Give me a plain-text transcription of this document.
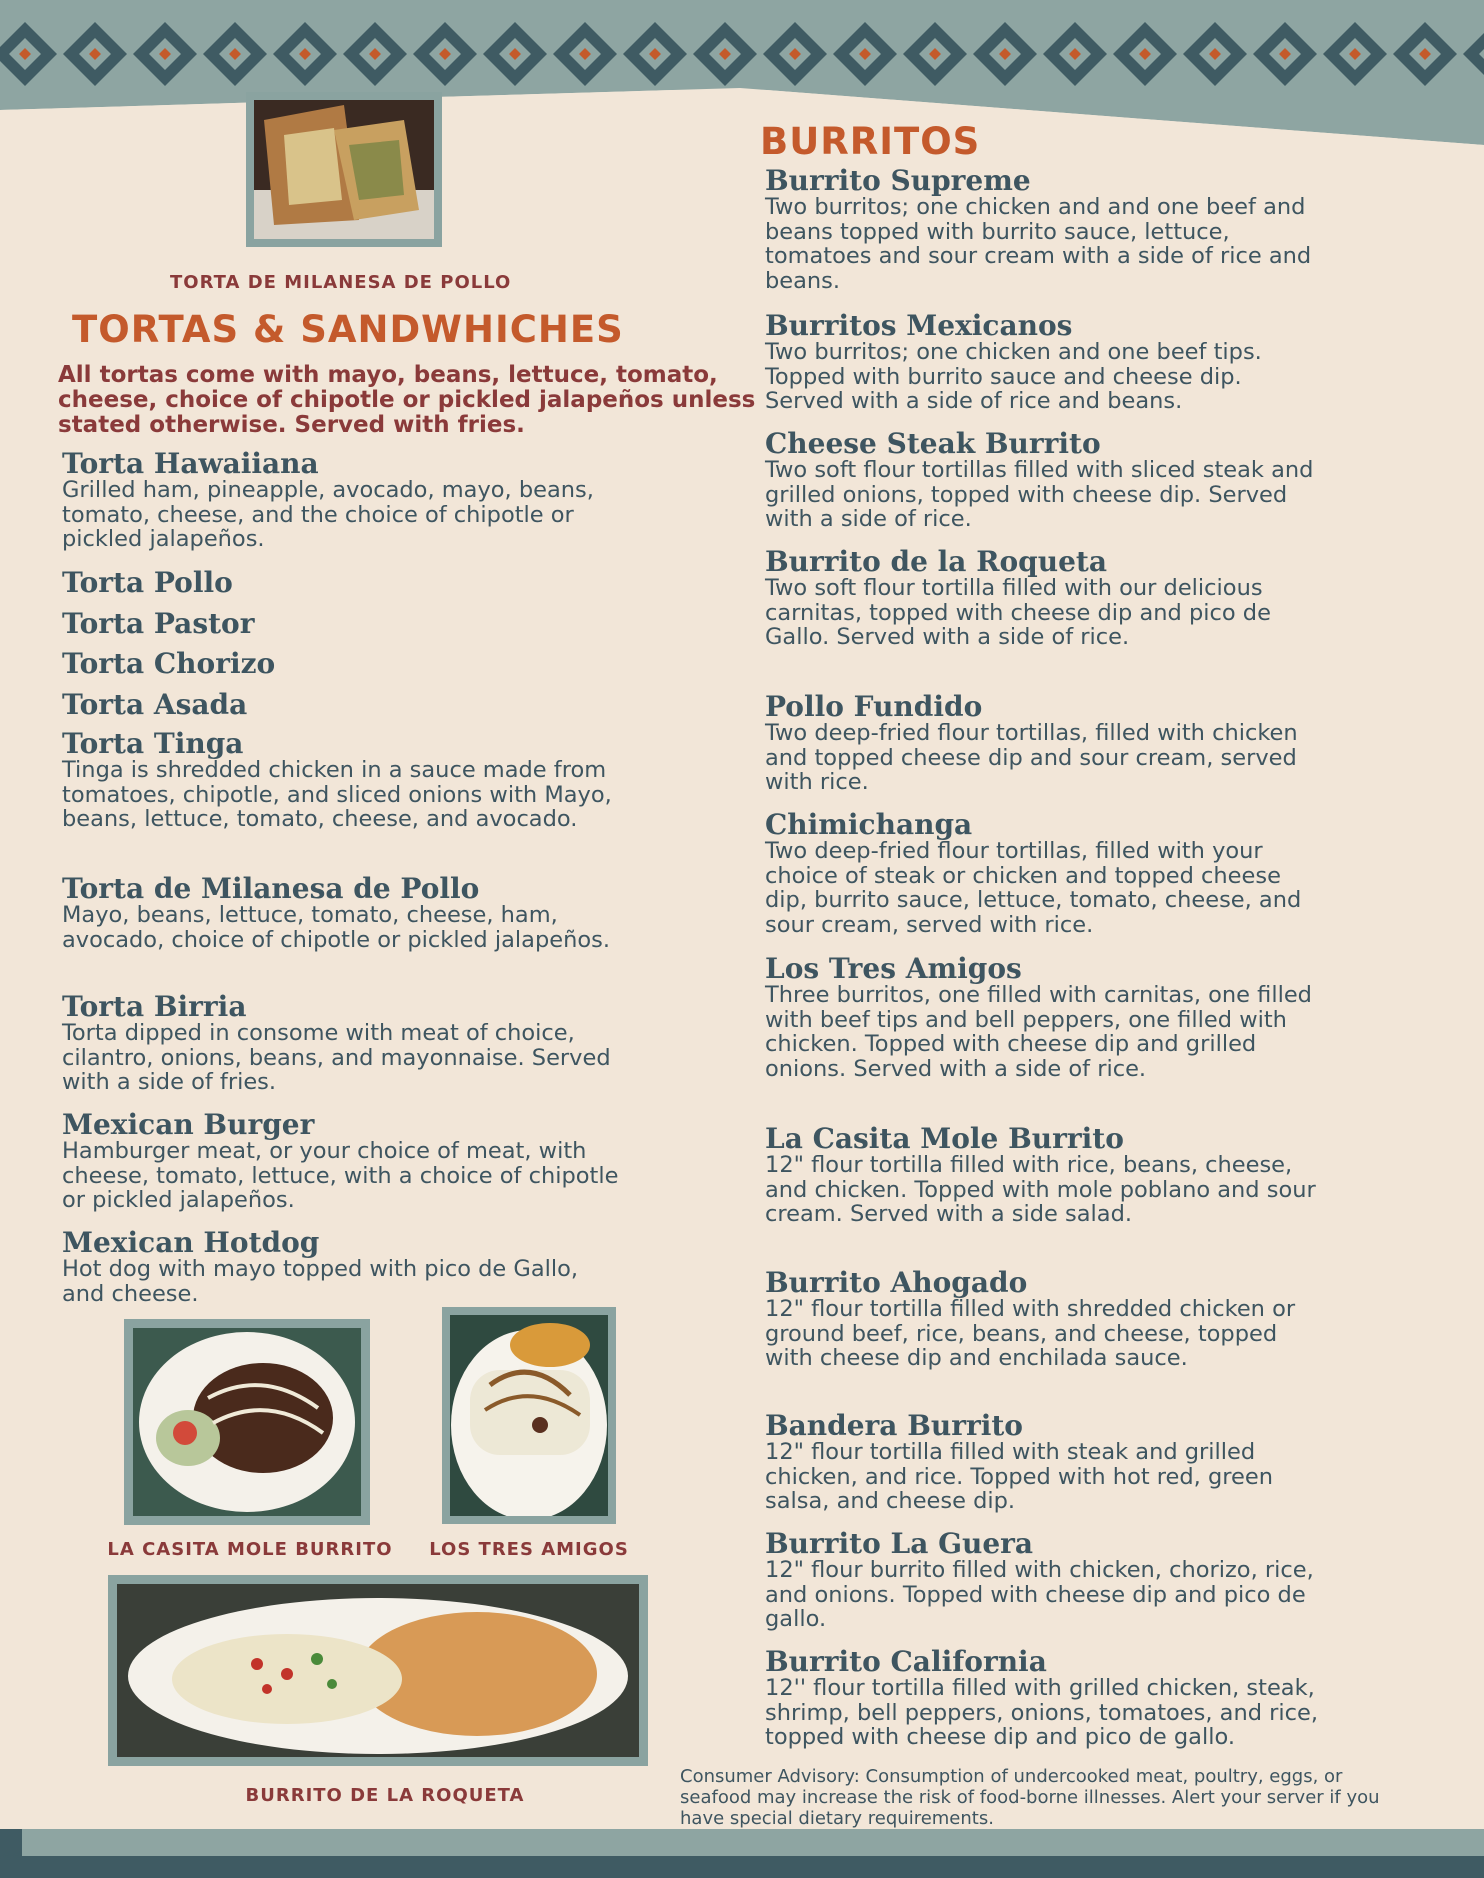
TORTA DE MILANESA DE POLLO
LA CASITA MOLE BURRITO	LOS TRES AMIGOS
BURRITO DE LA ROQUETA
TORTAS & SANDWHICHES
All tortas come with mayo, beans, lettuce, tomato, cheese, choice of chipotle or pickled jalapeños unless stated otherwise. Served with fries.
BURRITOS
Torta Hawaiiana
Grilled ham, pineapple, avocado, mayo, beans, tomato, cheese, and the choice of chipotle or pickled jalapeños.
Torta Pollo
Torta Pastor
Torta Chorizo
Torta Asada
Torta Tinga
Tinga is shredded chicken in a sauce made from tomatoes, chipotle, and sliced onions with Mayo, beans, lettuce, tomato, cheese, and avocado.
Torta de Milanesa de Pollo
Mayo, beans, lettuce, tomato, cheese, ham, avocado, choice of chipotle or pickled jalapeños.
Torta Birria
Torta dipped in consome with meat of choice, cilantro, onions, beans, and mayonnaise. Served with a side of fries.
Mexican Burger
Hamburger meat, or your choice of meat, with cheese, tomato, lettuce, with a choice of chipotle or pickled jalapeños.
Mexican Hotdog
Hot dog with mayo topped with pico de Gallo, and cheese.
Burrito Supreme
Two burritos; one chicken and and one beef and beans topped with burrito sauce, lettuce, tomatoes and sour cream with a side of rice and beans.
Burritos Mexicanos
Two burritos; one chicken and one beef tips. Topped with burrito sauce and cheese dip. Served with a side of rice and beans.
Cheese Steak Burrito
Two soft flour tortillas filled with sliced steak and grilled onions, topped with cheese dip. Served with a side of rice.
Burrito de la Roqueta
Two soft flour tortilla filled with our delicious carnitas, topped with cheese dip and pico de Gallo. Served with a side of rice.
Pollo Fundido
Two deep-fried flour tortillas, filled with chicken and topped cheese dip and sour cream, served with rice.
Chimichanga
Two deep-fried flour tortillas, filled with your choice of steak or chicken and topped cheese dip, burrito sauce, lettuce, tomato, cheese, and sour cream, served with rice.
Los Tres Amigos
Three burritos, one filled with carnitas, one filled with beef tips and bell peppers, one filled with chicken. Topped with cheese dip and grilled onions. Served with a side of rice.
La Casita Mole Burrito
12" flour tortilla filled with rice, beans, cheese, and chicken. Topped with mole poblano and sour cream. Served with a side salad.
Burrito Ahogado
12" flour tortilla filled with shredded chicken or ground beef, rice, beans, and cheese, topped with cheese dip and enchilada sauce.
Bandera Burrito
12" flour tortilla filled with steak and grilled chicken, and rice. Topped with hot red, green salsa, and cheese dip.
Burrito La Guera
12" flour burrito filled with chicken, chorizo, rice, and onions. Topped with cheese dip and pico de gallo.
Burrito California
12'' flour tortilla filled with grilled chicken, steak, shrimp, bell peppers, onions, tomatoes, and rice, topped with cheese dip and pico de gallo.
Consumer Advisory: Consumption of undercooked meat, poultry, eggs, or seafood may increase the risk of food-borne illnesses. Alert your server if you have special dietary requirements.
